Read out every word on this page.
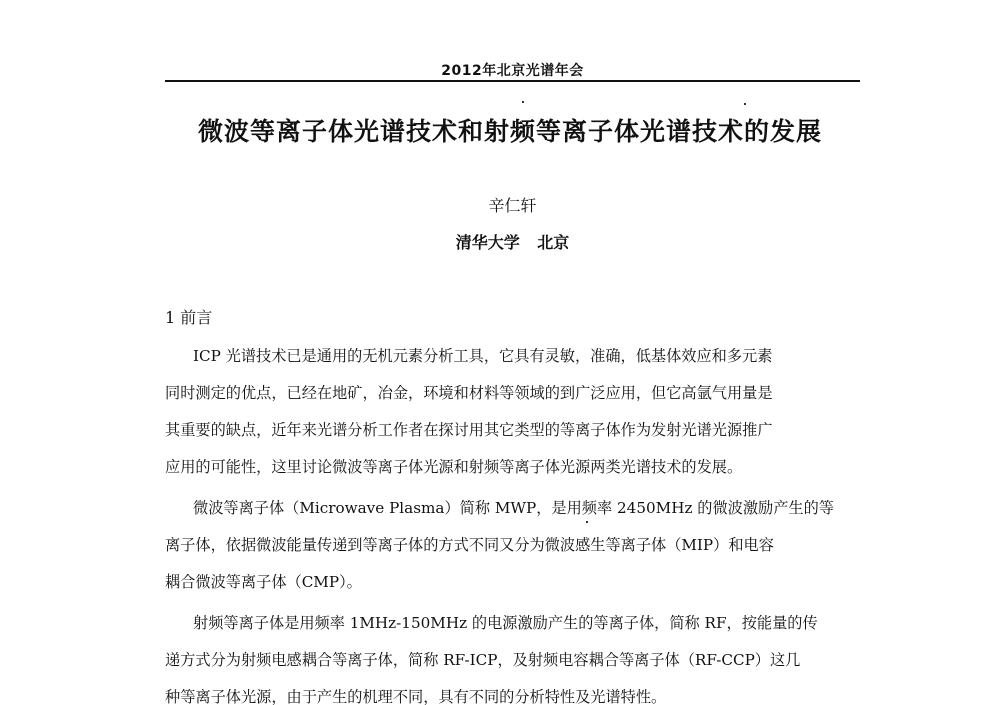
2012年北京光谱年会
微波等离子体光谱技术和射频等离子体光谱技术的发展
辛仁轩
清华大学 北京
1 前言
ICP 光谱技术已是通用的无机元素分析工具，它具有灵敏，准确，低基体效应和多元素
同时测定的优点，已经在地矿，冶金，环境和材料等领域的到广泛应用，但它高氩气用量是
其重要的缺点，近年来光谱分析工作者在探讨用其它类型的等离子体作为发射光谱光源推广
应用的可能性，这里讨论微波等离子体光源和射频等离子体光源两类光谱技术的发展。
微波等离子体（Microwave Plasma）简称 MWP，是用频率 2450MHz 的微波激励产生的等
离子体，依据微波能量传递到等离子体的方式不同又分为微波感生等离子体（MIP）和电容
耦合微波等离子体（CMP）。
射频等离子体是用频率 1MHz-150MHz 的电源激励产生的等离子体，简称 RF，按能量的传
递方式分为射频电感耦合等离子体，简称 RF-ICP，及射频电容耦合等离子体（RF-CCP）这几
种等离子体光源，由于产生的机理不同，具有不同的分析特性及光谱特性。
